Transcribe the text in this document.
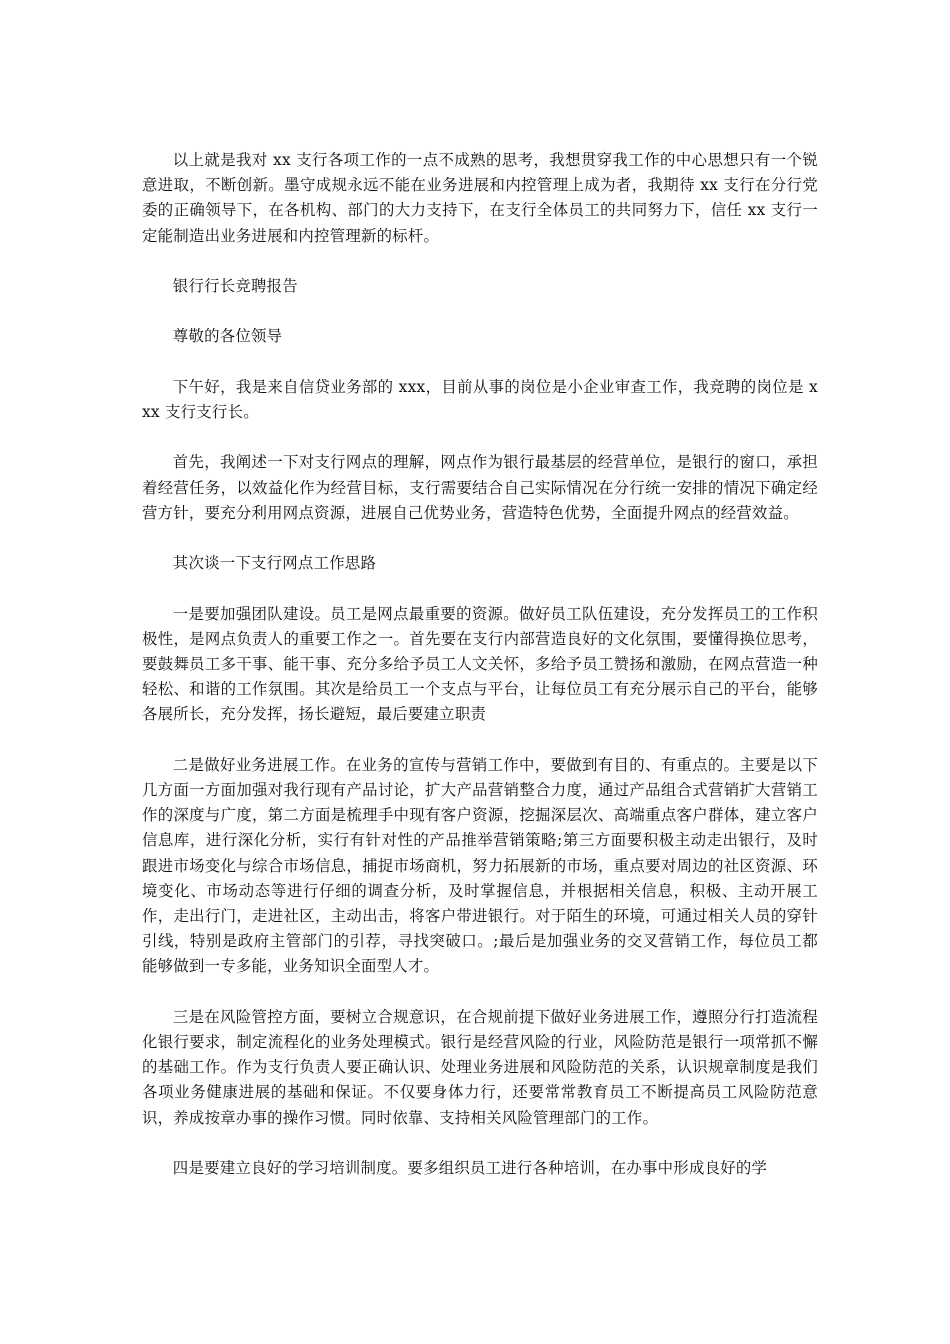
以上就是我对 xx 支行各项工作的一点不成熟的思考，我想贯穿我工作的中心思想只有一个锐意进取，不断创新。墨守成规永远不能在业务进展和内控管理上成为者，我期待 xx 支行在分行党委的正确领导下，在各机构、部门的大力支持下，在支行全体员工的共同努力下，信任 xx 支行一定能制造出业务进展和内控管理新的标杆。

银行行长竞聘报告

尊敬的各位领导

下午好，我是来自信贷业务部的 xxx，目前从事的岗位是小企业审查工作，我竞聘的岗位是 xxx 支行支行长。

首先，我阐述一下对支行网点的理解，网点作为银行最基层的经营单位，是银行的窗口，承担着经营任务，以效益化作为经营目标，支行需要结合自己实际情况在分行统一安排的情况下确定经营方针，要充分利用网点资源，进展自己优势业务，营造特色优势，全面提升网点的经营效益。

其次谈一下支行网点工作思路

一是要加强团队建设。员工是网点最重要的资源。做好员工队伍建设，充分发挥员工的工作积极性，是网点负责人的重要工作之一。首先要在支行内部营造良好的文化氛围，要懂得换位思考，要鼓舞员工多干事、能干事、充分多给予员工人文关怀，多给予员工赞扬和激励，在网点营造一种轻松、和谐的工作氛围。其次是给员工一个支点与平台，让每位员工有充分展示自己的平台，能够各展所长，充分发挥，扬长避短，最后要建立职责

二是做好业务进展工作。在业务的宣传与营销工作中，要做到有目的、有重点的。主要是以下几方面一方面加强对我行现有产品讨论，扩大产品营销整合力度，通过产品组合式营销扩大营销工作的深度与广度，第二方面是梳理手中现有客户资源，挖掘深层次、高端重点客户群体，建立客户信息库，进行深化分析，实行有针对性的产品推举营销策略;第三方面要积极主动走出银行，及时跟进市场变化与综合市场信息，捕捉市场商机，努力拓展新的市场，重点要对周边的社区资源、环境变化、市场动态等进行仔细的调查分析，及时掌握信息，并根据相关信息，积极、主动开展工作，走出行门，走进社区，主动出击，将客户带进银行。对于陌生的环境，可通过相关人员的穿针引线，特别是政府主管部门的引荐，寻找突破口。;最后是加强业务的交叉营销工作，每位员工都能够做到一专多能，业务知识全面型人才。

三是在风险管控方面，要树立合规意识，在合规前提下做好业务进展工作，遵照分行打造流程化银行要求，制定流程化的业务处理模式。银行是经营风险的行业，风险防范是银行一项常抓不懈的基础工作。作为支行负责人要正确认识、处理业务进展和风险防范的关系，认识规章制度是我们各项业务健康进展的基础和保证。不仅要身体力行，还要常常教育员工不断提高员工风险防范意识，养成按章办事的操作习惯。同时依靠、支持相关风险管理部门的工作。

四是要建立良好的学习培训制度。要多组织员工进行各种培训，在办事中形成良好的学
